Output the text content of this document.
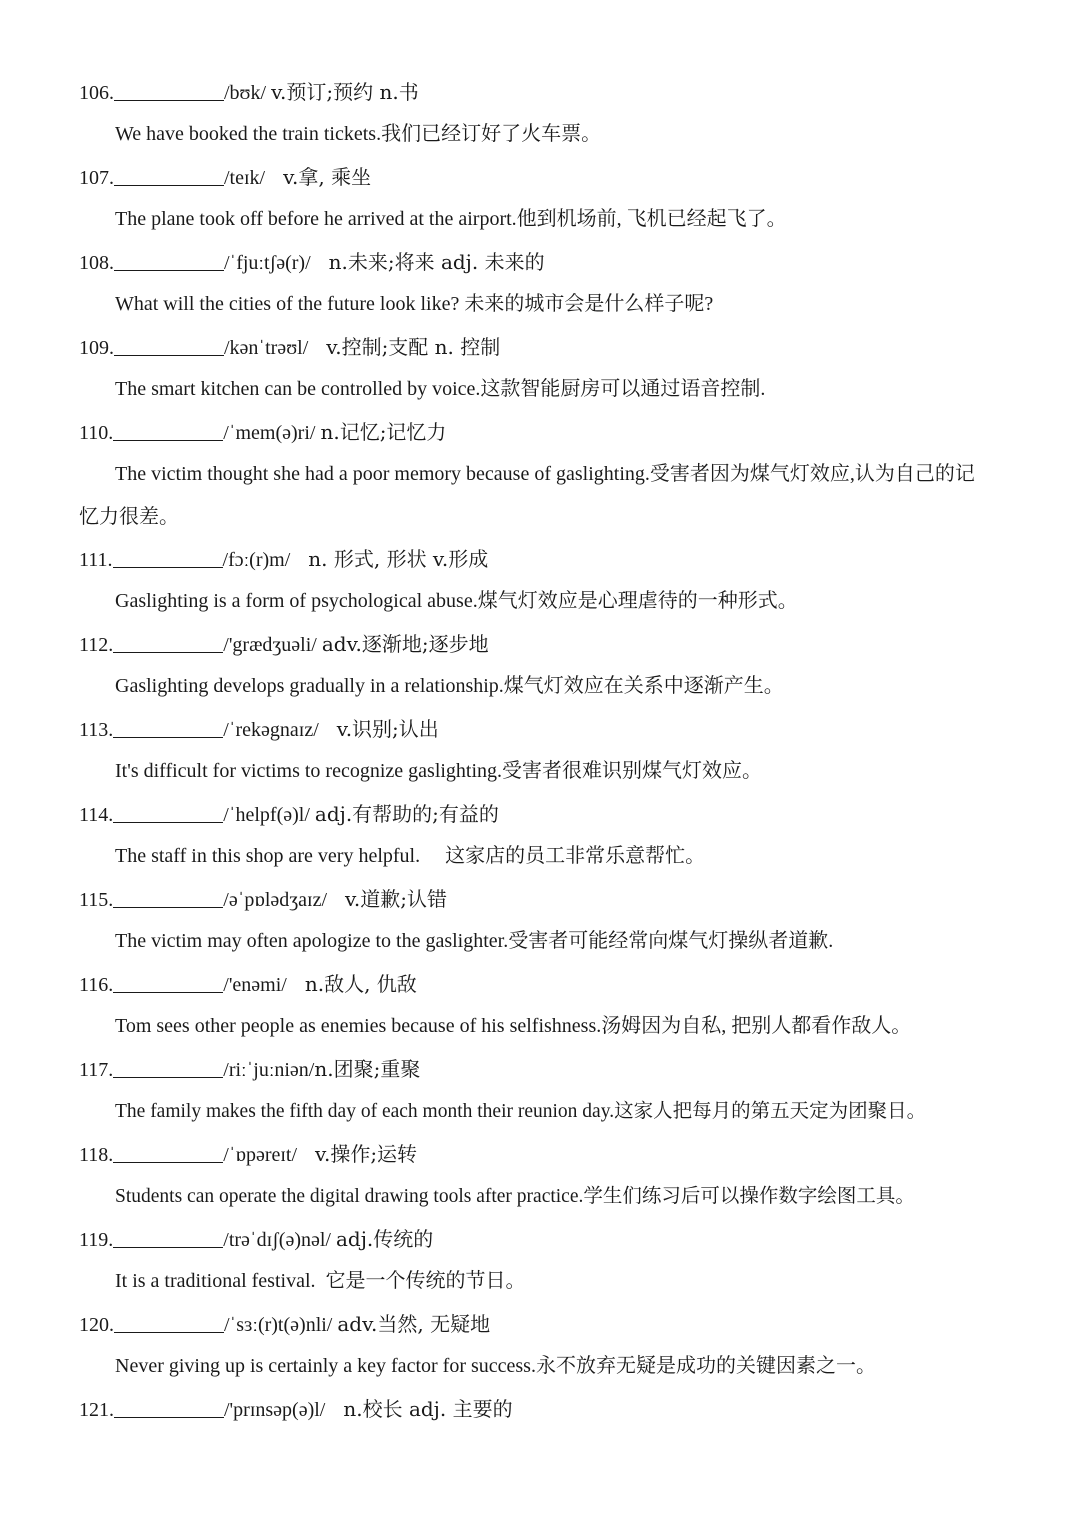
106.	/bʊk/ v.预订;预约 n.书
We have booked the train tickets.我们已经订好了火车票。
107.	/teɪk/ v.拿, 乘坐
The plane took off before he arrived at the airport.他到机场前, 飞机已经起飞了。
108.	/ˈfjuːtʃə(r)/ n.未来;将来 adj. 未来的
What will the cities of the future look like? 未来的城市会是什么样子呢?
109.	/kənˈtrəʊl/ v.控制;支配 n. 控制
The smart kitchen can be controlled by voice.这款智能厨房可以通过语音控制.
110.	/ˈmem(ə)ri/ n.记忆;记忆力
The victim thought she had a poor memory because of gaslighting.受害者因为煤气灯效应,认为自己的记忆力很差。
111.	/fɔː(r)m/ n. 形式, 形状 v.形成
Gaslighting is a form of psychological abuse.煤气灯效应是心理虐待的一种形式。
112.	/'grædʒuəli/ adv.逐渐地;逐步地
Gaslighting develops gradually in a relationship.煤气灯效应在关系中逐渐产生。
113.	/ˈrekəgnaɪz/ v.识别;认出
It's difficult for victims to recognize gaslighting.受害者很难识别煤气灯效应。
114.	/ˈhelpf(ə)l/ adj.有帮助的;有益的
The staff in this shop are very helpful.     这家店的员工非常乐意帮忙。
115.	/əˈpɒlədʒaɪz/ v.道歉;认错
The victim may often apologize to the gaslighter.受害者可能经常向煤气灯操纵者道歉.
116.	/'enəmi/ n.敌人, 仇敌
Tom sees other people as enemies because of his selfishness.汤姆因为自私, 把别人都看作敌人。
117.	/riːˈjuːniən/n.团聚;重聚
The family makes the fifth day of each month their reunion day.这家人把每月的第五天定为团聚日。
118.	/ˈɒpəreɪt/ v.操作;运转
Students can operate the digital drawing tools after practice.学生们练习后可以操作数字绘图工具。
119.	/trəˈdɪʃ(ə)nəl/ adj.传统的
It is a traditional festival.  它是一个传统的节日。
120.	/ˈsɜː(r)t(ə)nli/ adv.当然, 无疑地
Never giving up is certainly a key factor for success.永不放弃无疑是成功的关键因素之一。
121.	/'prɪnsəp(ə)l/ n.校长 adj. 主要的
